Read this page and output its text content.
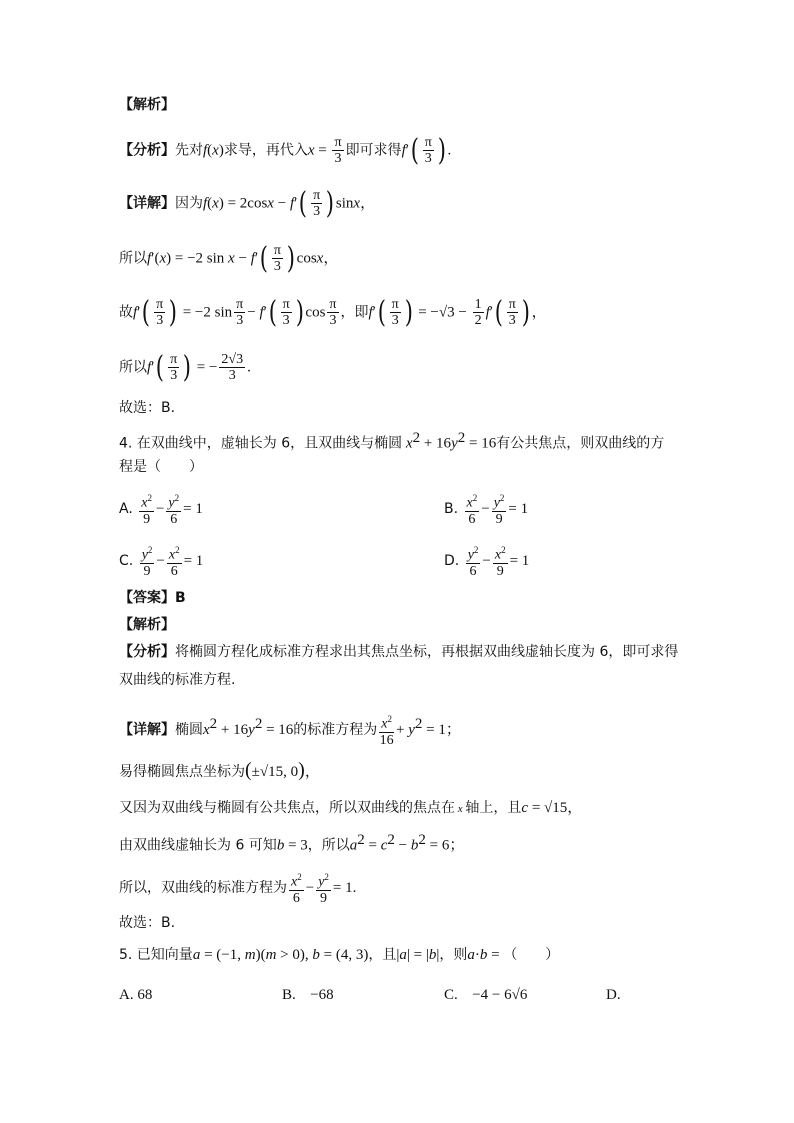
【解析】
【分析】先对f(x)求导，再代入$x = \frac{\pi}{3}$ 即可求得$f'( \frac{\pi}{3}$ ) .
【详解】因为$f(x) = 2\cos x - f'( \frac{\pi}{3}$ ) sinx，
所以f′(x) = −2 $\sin x - f'( \frac{\pi}{3}$ ) cosx，
故$f'( \frac{\pi}{3}$ ) = −2 $\sin \frac{\pi}{3} - f'( \frac{\pi}{3}$ ) $\cos \frac{\pi}{3}$ ，即$f'( \frac{\pi}{3}$ ) = $-√3 - \frac{1}{2} f'( \frac{\pi}{3}$ ) ，
所以$f'( \frac{\pi}{3}$ ) = − $\frac{2√3}{3}$ .
故选：B.
4. 在双曲线中，虚轴长为 6，且双曲线与椭圆 $x^2 + 16y^2 = 16$有公共焦点，则双曲线的方
程是（　　）
A. $\frac{x^2}{9} - \frac{y^2}{6} = 1$	B. $\frac{x^2}{6} - \frac{y^2}{9} = 1$
C. $\frac{y^2}{9} - \frac{x^2}{6} = 1$	D. $\frac{y^2}{6} - \frac{x^2}{9} = 1$
【答案】B
【解析】
【分析】将椭圆方程化成标准方程求出其焦点坐标，再根据双曲线虚轴长度为 6，即可求得
双曲线的标准方程.
【详解】椭圆$x^2 + 16y^2 = 16$的标准方程为 $\frac{x^2}{16} + y^2 = 1$；
易得椭圆焦点坐标为(±√15, 0)，
又因为双曲线与椭圆有公共焦点，所以双曲线的焦点在 x 轴上，且c = √15，
由双曲线虚轴长为 6 可知b = 3，所以$a^2 = c^2 - b^2 = 6$；
所以，双曲线的标准方程为 $\frac{x^2}{6} - \frac{y^2}{9} = 1$.
故选：B.
5. 已知向量a = (−1, m)(m > 0), b = (4, 3)，且|a| = |b|，则a·b = （　　）
A. 68	B. −68	C. −4 − 6√6	D.
